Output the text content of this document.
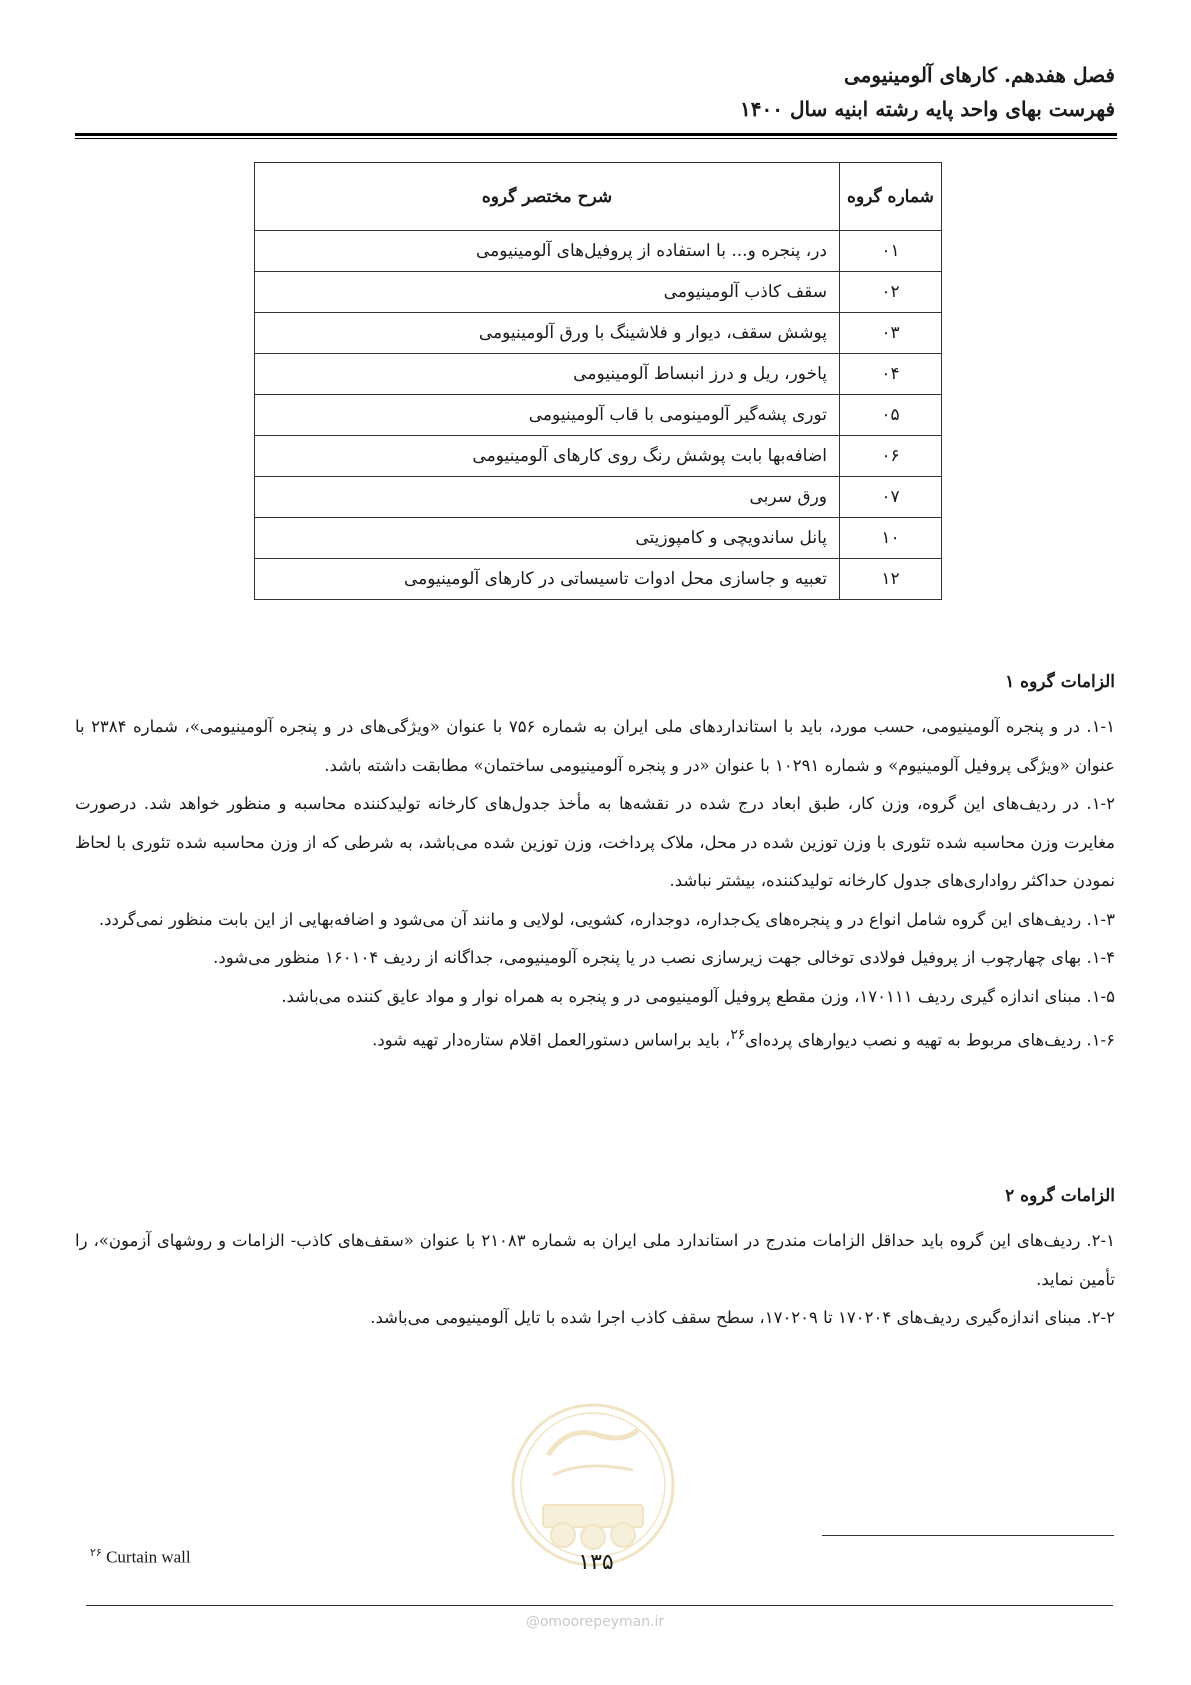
فصل هفدهم. کارهای آلومینیومی
فهرست بهای واحد پایه رشته ابنیه سال ۱۴۰۰
شماره گروه	شرح مختصر گروه
۰۱	در، پنجره و... با استفاده از پروفیل‌های آلومینیومی
۰۲	سقف کاذب آلومینیومی
۰۳	پوشش سقف، دیوار و فلاشینگ با ورق آلومینیومی
۰۴	پاخور، ریل و درز انبساط آلومینیومی
۰۵	توری پشه‌گیر آلومینومی با قاب آلومینیومی
۰۶	اضافه‌بها بابت پوشش رنگ روی کارهای آلومینیومی
۰۷	ورق سربی
۱۰	پانل ساندویچی و کامپوزیتی
۱۲	تعبیه و جاسازی محل ادوات تاسیساتی در کارهای آلومینیومی
الزامات گروه ۱

۱-۱. در و پنجره آلومینیومی، حسب مورد، باید با استانداردهای ملی ایران به شماره ۷۵۶ با عنوان «ویژگی‌های در و پنجره آلومینیومی»، شماره ۲۳۸۴ با عنوان «ویژگی پروفیل آلومینیوم» و شماره ۱۰۲۹۱ با عنوان «در و پنجره آلومینیومی ساختمان» مطابقت داشته باشد.

۱-۲. در ردیف‌های این گروه، وزن کار، طبق ابعاد درج شده در نقشه‌ها به مأخذ جدول‌های کارخانه تولیدکننده محاسبه و منظور خواهد شد. درصورت مغایرت وزن محاسبه شده تئوری با وزن توزین شده در محل، ملاک پرداخت، وزن توزین شده می‌باشد، به شرطی که از وزن محاسبه شده تئوری با لحاظ نمودن حداکثر رواداری‌های جدول کارخانه تولیدکننده، بیشتر نباشد.

۱-۳. ردیف‌های این گروه شامل انواع در و پنجره‌های یک‌جداره، دوجداره، کشویی، لولایی و مانند آن می‌شود و اضافه‌بهایی از این بابت منظور نمی‌گردد.

۱-۴. بهای چهارچوب از پروفیل فولادی توخالی جهت زیرسازی نصب در یا پنجره آلومینیومی، جداگانه از ردیف ۱۶۰۱۰۴ منظور می‌شود.

۱-۵. مبنای اندازه گیری ردیف ۱۷۰۱۱۱، وزن مقطع پروفیل آلومینیومی در و پنجره به همراه نوار و مواد عایق کننده می‌باشد.

۱-۶. ردیف‌های مربوط به تهیه و نصب دیوارهای پرده‌ای$^{۲۶}$، باید براساس دستورالعمل اقلام ستاره‌دار تهیه شود.

الزامات گروه ۲

۲-۱. ردیف‌های این گروه باید حداقل الزامات مندرج در استاندارد ملی ایران به شماره ۲۱۰۸۳ با عنوان «سقف‌های کاذب- الزامات و روشهای آزمون»، را تأمین نماید.

۲-۲. مبنای اندازه‌گیری ردیف‌های ۱۷۰۲۰۴ تا ۱۷۰۲۰۹، سطح سقف کاذب اجرا شده با تایل آلومینیومی می‌باشد.

$^{۲۶}$ Curtain wall	۱۳۵
@omoorepeyman.ir
